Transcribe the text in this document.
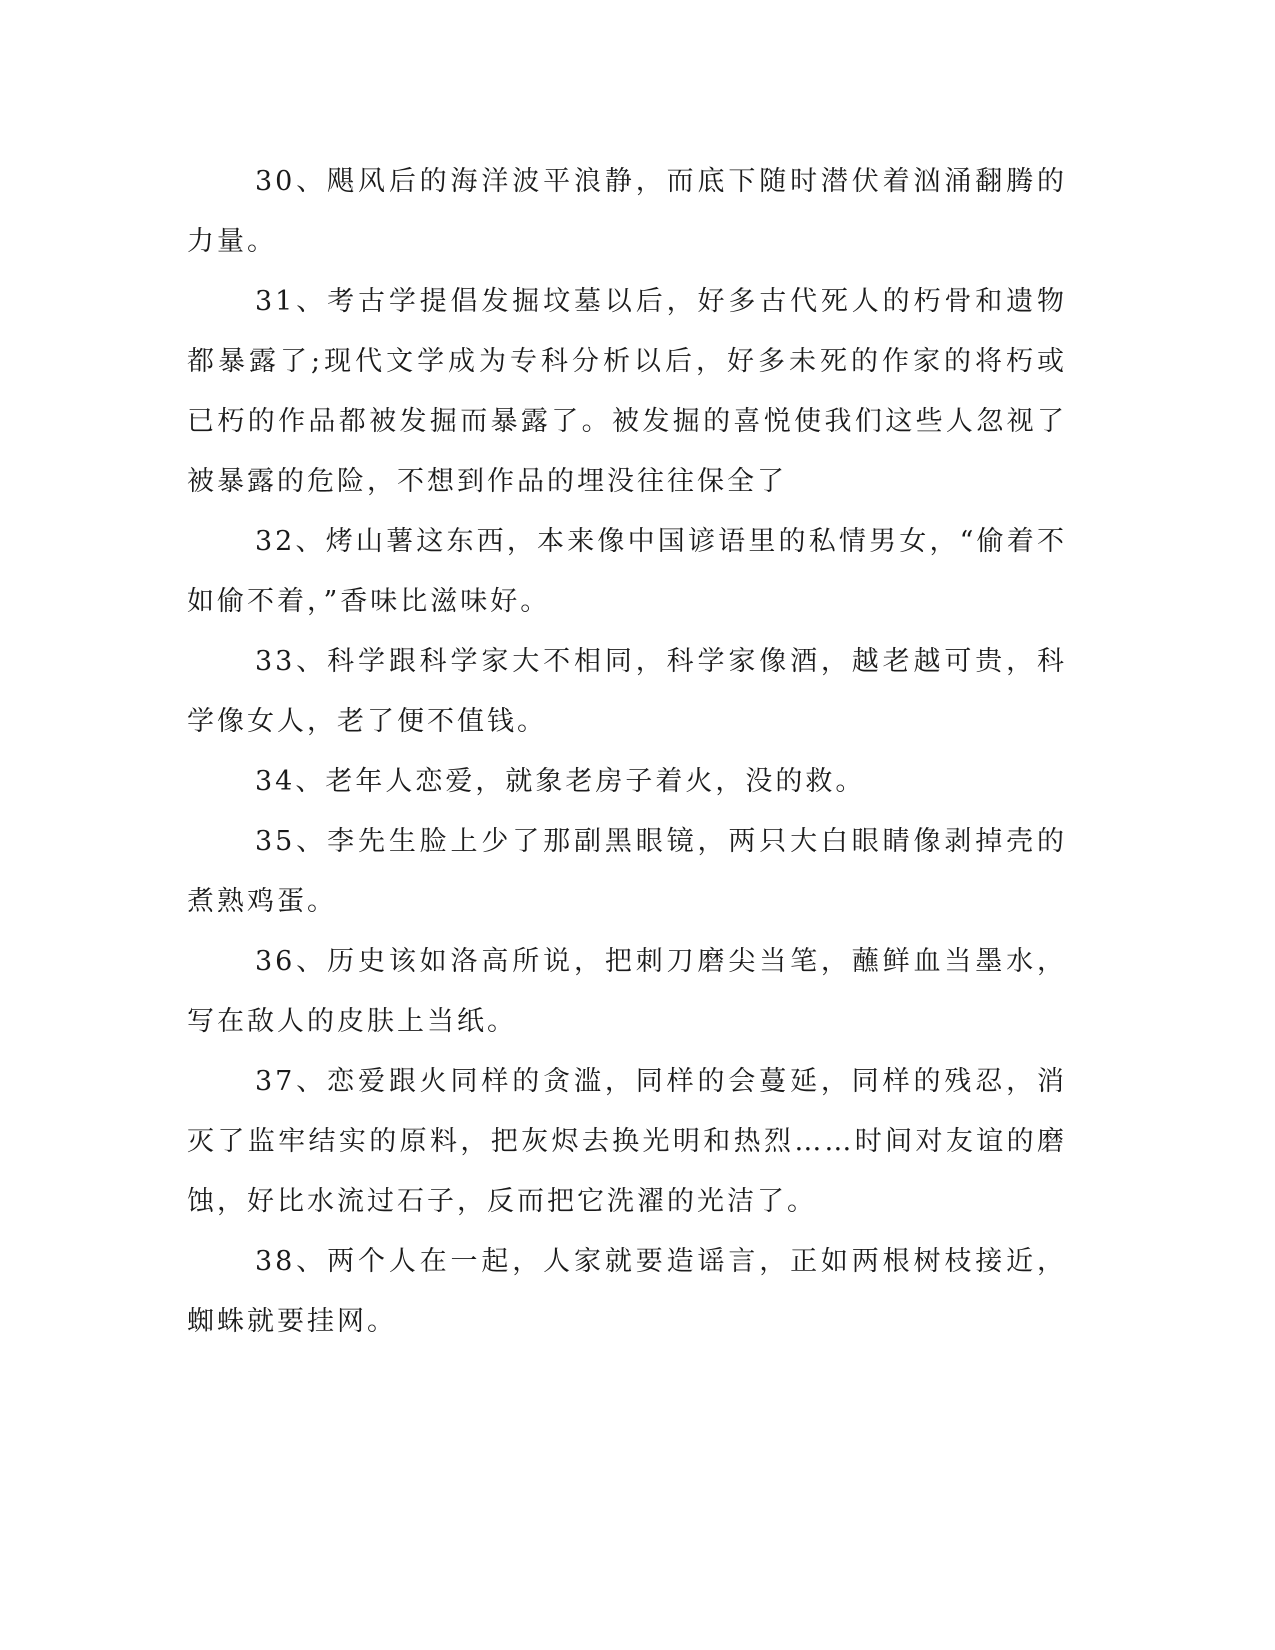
30、飓风后的海洋波平浪静，而底下随时潜伏着汹涌翻腾的力量。

31、考古学提倡发掘坟墓以后，好多古代死人的朽骨和遗物都暴露了;现代文学成为专科分析以后，好多未死的作家的将朽或已朽的作品都被发掘而暴露了。被发掘的喜悦使我们这些人忽视了被暴露的危险，不想到作品的埋没往往保全了

32、烤山薯这东西，本来像中国谚语里的私情男女，“偷着不如偷不着，”香味比滋味好。

33、科学跟科学家大不相同，科学家像酒，越老越可贵，科学像女人，老了便不值钱。

34、老年人恋爱，就象老房子着火，没的救。

35、李先生脸上少了那副黑眼镜，两只大白眼睛像剥掉壳的煮熟鸡蛋。

36、历史该如洛高所说，把刺刀磨尖当笔，蘸鲜血当墨水，写在敌人的皮肤上当纸。

37、恋爱跟火同样的贪滥，同样的会蔓延，同样的残忍，消灭了监牢结实的原料，把灰烬去换光明和热烈……时间对友谊的磨蚀，好比水流过石子，反而把它洗濯的光洁了。

38、两个人在一起，人家就要造谣言，正如两根树枝接近，蜘蛛就要挂网。
